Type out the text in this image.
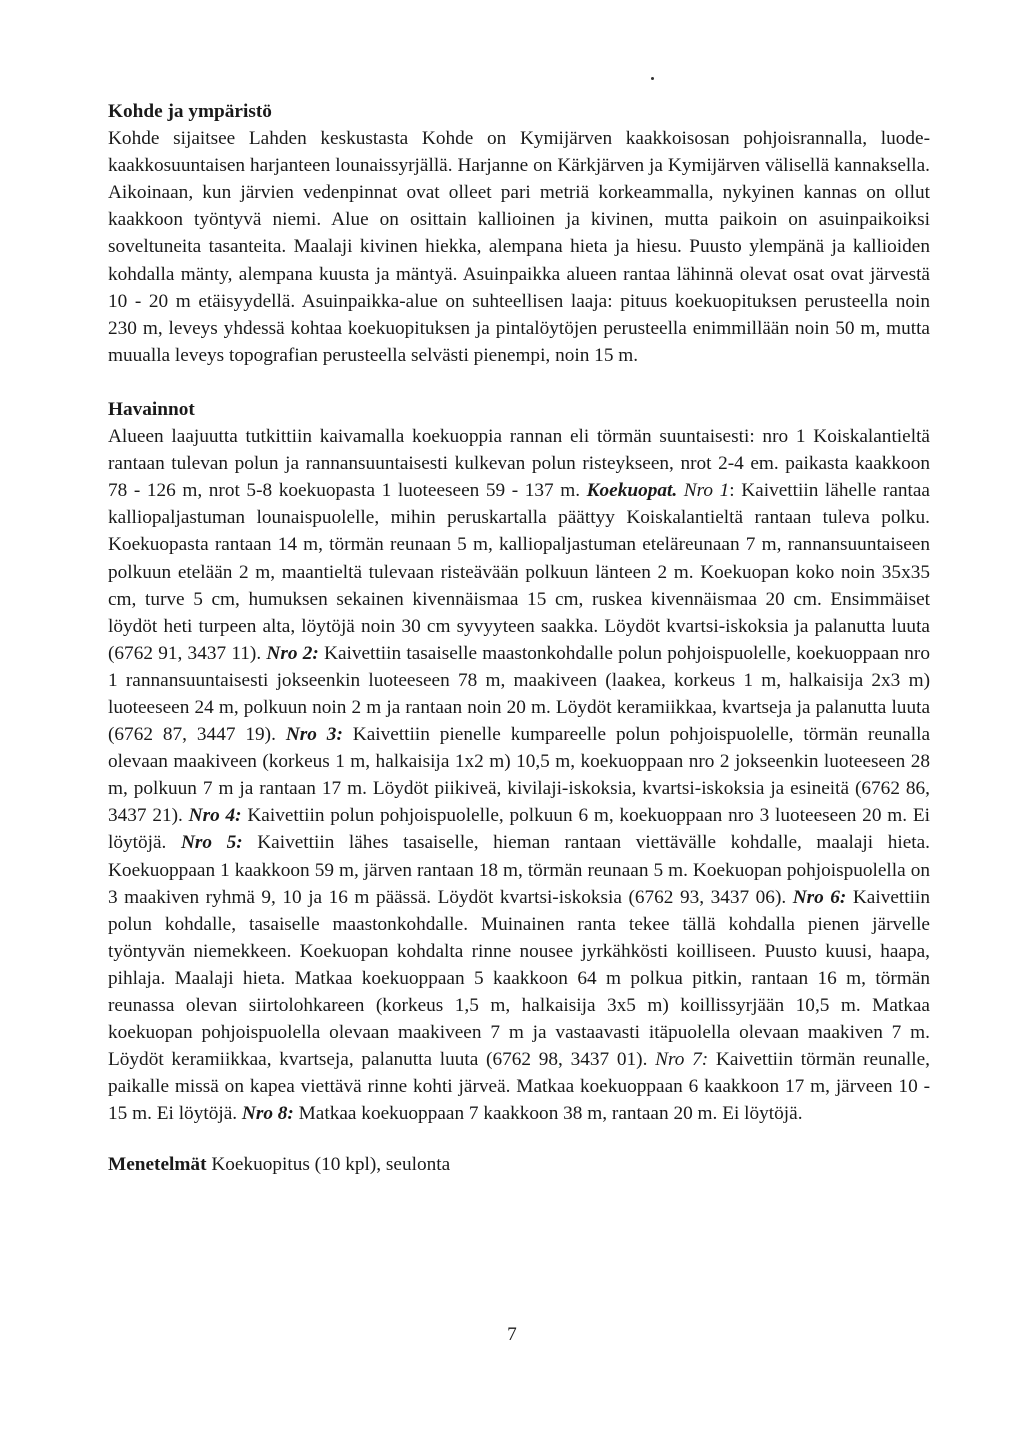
Kohde ja ympäristö

Kohde sijaitsee Lahden keskustasta Kohde on Kymijärven kaakkoisosan pohjoisrannalla, luode-kaakkosuuntaisen harjanteen lounaissyrjällä. Harjanne on Kärkjärven ja Kymijärven välisellä kannaksella. Aikoinaan, kun järvien vedenpinnat ovat olleet pari metriä korkeammalla, nykyinen kannas on ollut kaakkoon työntyvä niemi. Alue on osittain kallioinen ja kivinen, mutta paikoin on asuinpaikoiksi soveltuneita tasanteita. Maalaji kivinen hiekka, alempana hieta ja hiesu. Puusto ylempänä ja kallioiden kohdalla mänty, alempana kuusta ja mäntyä. Asuinpaikka alueen rantaa lähinnä olevat osat ovat järvestä 10 - 20 m etäisyydellä. Asuinpaikka-alue on suhteellisen laaja: pituus koekuopituksen perusteella noin 230 m, leveys yhdessä kohtaa koekuopituksen ja pintalöytöjen perusteella enimmillään noin 50 m, mutta muualla leveys topografian perusteella selvästi pienempi, noin 15 m.

Havainnot

Alueen laajuutta tutkittiin kaivamalla koekuoppia rannan eli törmän suuntaisesti: nro 1 Koiskalantieltä rantaan tulevan polun ja rannansuuntaisesti kulkevan polun risteykseen, nrot 2-4 em. paikasta kaakkoon 78 - 126 m, nrot 5-8 koekuopasta 1 luoteeseen 59 - 137 m. Koekuopat. Nro 1: Kaivettiin lähelle rantaa kalliopaljastuman lounaispuolelle, mihin peruskartalla päättyy Koiskalantieltä rantaan tuleva polku. Koekuopasta rantaan 14 m, törmän reunaan 5 m, kalliopaljastuman eteläreunaan 7 m, rannansuuntaiseen polkuun etelään 2 m, maantieltä tulevaan risteävään polkuun länteen 2 m. Koekuopan koko noin 35x35 cm, turve 5 cm, humuksen sekainen kivennäismaa 15 cm, ruskea kivennäismaa 20 cm. Ensimmäiset löydöt heti turpeen alta, löytöjä noin 30 cm syvyyteen saakka. Löydöt kvartsi-iskoksia ja palanutta luuta (6762 91, 3437 11). Nro 2: Kaivettiin tasaiselle maastonkohdalle polun pohjoispuolelle, koekuoppaan nro 1 rannansuuntaisesti jokseenkin luoteeseen 78 m, maakiveen (laakea, korkeus 1 m, halkaisija 2x3 m) luoteeseen 24 m, polkuun noin 2 m ja rantaan noin 20 m. Löydöt keramiikkaa, kvartseja ja palanutta luuta (6762 87, 3447 19). Nro 3: Kaivettiin pienelle kumpareelle polun pohjoispuolelle, törmän reunalla olevaan maakiveen (korkeus 1 m, halkaisija 1x2 m) 10,5 m, koekuoppaan nro 2 jokseenkin luoteeseen 28 m, polkuun 7 m ja rantaan 17 m. Löydöt piikiveä, kivilaji-iskoksia, kvartsi-iskoksia ja esineitä (6762 86, 3437 21). Nro 4: Kaivettiin polun pohjoispuolelle, polkuun 6 m, koekuoppaan nro 3 luoteeseen 20 m. Ei löytöjä. Nro 5: Kaivettiin lähes tasaiselle, hieman rantaan viettävälle kohdalle, maalaji hieta. Koekuoppaan 1 kaakkoon 59 m, järven rantaan 18 m, törmän reunaan 5 m. Koekuopan pohjoispuolella on 3 maakiven ryhmä 9, 10 ja 16 m päässä. Löydöt kvartsi-iskoksia (6762 93, 3437 06). Nro 6: Kaivettiin polun kohdalle, tasaiselle maastonkohdalle. Muinainen ranta tekee tällä kohdalla pienen järvelle työntyvän niemekkeen. Koekuopan kohdalta rinne nousee jyrkähkösti koilliseen. Puusto kuusi, haapa, pihlaja. Maalaji hieta. Matkaa koekuoppaan 5 kaakkoon 64 m polkua pitkin, rantaan 16 m, törmän reunassa olevan siirtolohkareen (korkeus 1,5 m, halkaisija 3x5 m) koillissyrjään 10,5 m. Matkaa koekuopan pohjoispuolella olevaan maakiveen 7 m ja vastaavasti itäpuolella olevaan maakiven 7 m. Löydöt keramiikkaa, kvartseja, palanutta luuta (6762 98, 3437 01). Nro 7: Kaivettiin törmän reunalle, paikalle missä on kapea viettävä rinne kohti järveä. Matkaa koekuoppaan 6 kaakkoon 17 m, järveen 10 - 15 m. Ei löytöjä. Nro 8: Matkaa koekuoppaan 7 kaakkoon 38 m, rantaan 20 m. Ei löytöjä.

Menetelmät Koekuopitus (10 kpl), seulonta

7
